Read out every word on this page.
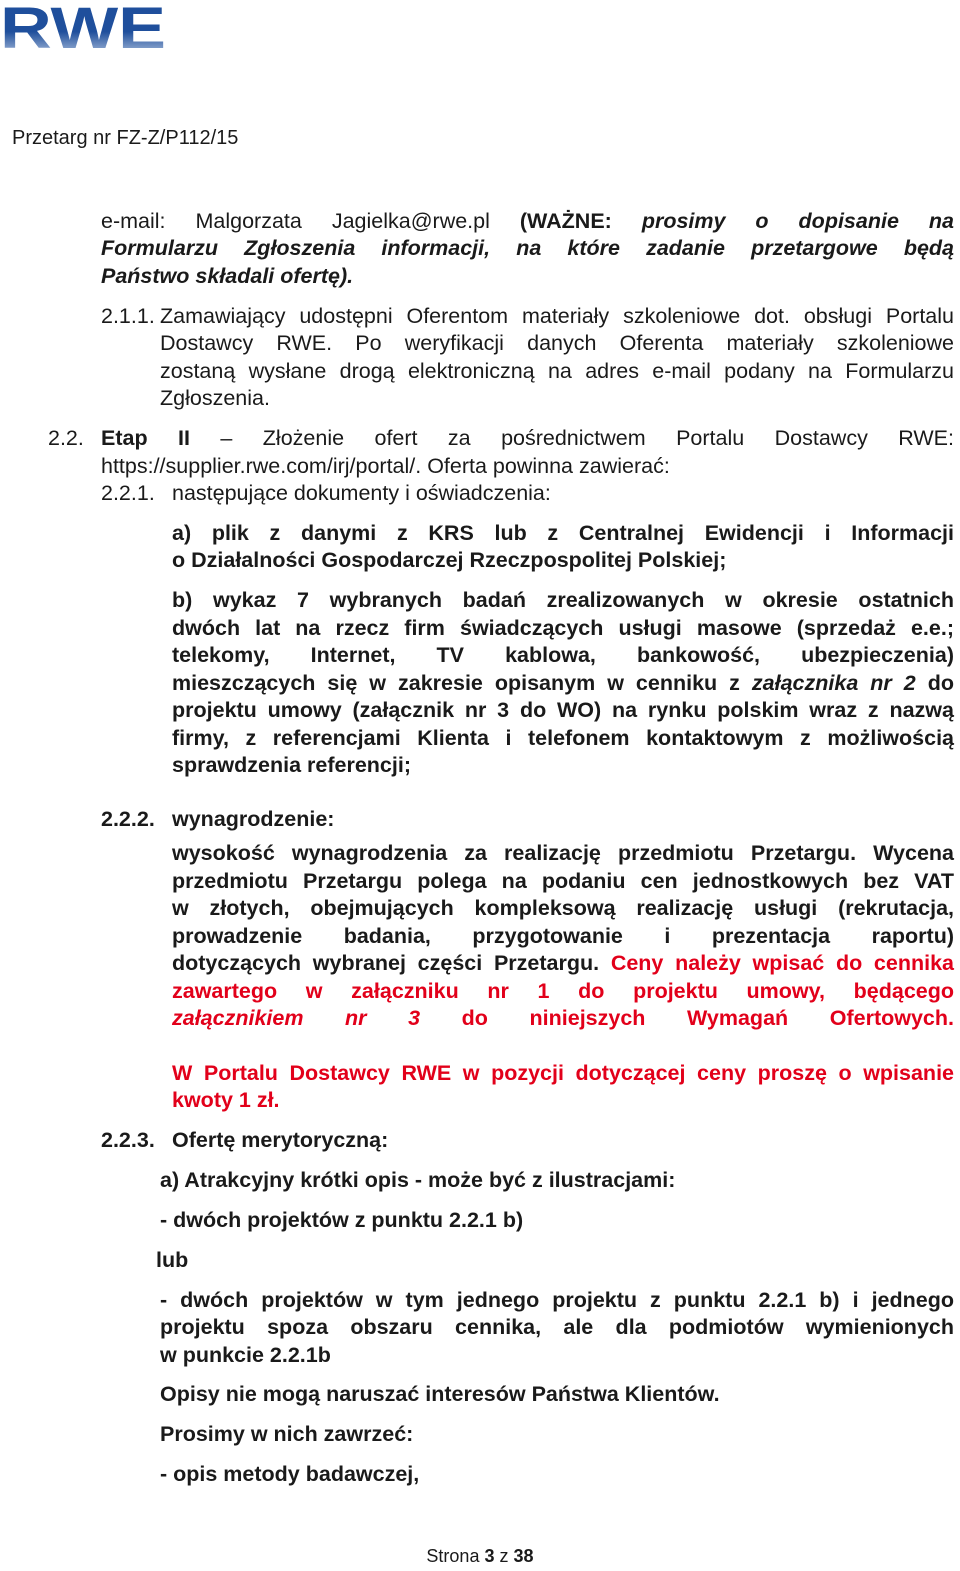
RWE
Przetarg nr FZ-Z/P112/15
e-mail: Malgorzata Jagielka@rwe.pl (WAŻNE: prosimy o dopisanie na
Formularzu Zgłoszenia informacji, na które zadanie przetargowe będą
Państwo składali ofertę).
2.1.1. Zamawiający udostępni Oferentom materiały szkoleniowe dot. obsługi Portalu
Dostawcy RWE. Po weryfikacji danych Oferenta materiały szkoleniowe
zostaną wysłane drogą elektroniczną na adres e-mail podany na Formularzu
Zgłoszenia.
2.2. Etap II – Złożenie ofert za pośrednictwem Portalu Dostawcy RWE:
https://supplier.rwe.com/irj/portal/. Oferta powinna zawierać:
2.2.1. następujące dokumenty i oświadczenia:
a) plik z danymi z KRS lub z Centralnej Ewidencji i Informacji
o Działalności Gospodarczej Rzeczpospolitej Polskiej;
b) wykaz 7 wybranych badań zrealizowanych w okresie ostatnich
dwóch lat na rzecz firm świadczących usługi masowe (sprzedaż e.e.;
telekomy, Internet, TV kablowa, bankowość, ubezpieczenia)
mieszczących się w zakresie opisanym w cenniku z załącznika nr 2 do
projektu umowy (załącznik nr 3 do WO) na rynku polskim wraz z nazwą
firmy, z referencjami Klienta i telefonem kontaktowym z możliwością
sprawdzenia referencji;
2.2.2. wynagrodzenie:
wysokość wynagrodzenia za realizację przedmiotu Przetargu. Wycena
przedmiotu Przetargu polega na podaniu cen jednostkowych bez VAT
w złotych, obejmujących kompleksową realizację usługi (rekrutacja,
prowadzenie badania, przygotowanie i prezentacja raportu)
dotyczących wybranej części Przetargu. Ceny należy wpisać do cennika
zawartego w załączniku nr 1 do projektu umowy, będącego
załącznikiem nr 3 do niniejszych Wymagań Ofertowych.
W Portalu Dostawcy RWE w pozycji dotyczącej ceny proszę o wpisanie
kwoty 1 zł.
2.2.3. Ofertę merytoryczną:
a) Atrakcyjny krótki opis - może być z ilustracjami:
- dwóch projektów z punktu 2.2.1 b)
lub
- dwóch projektów w tym jednego projektu z punktu 2.2.1 b) i jednego
projektu spoza obszaru cennika, ale dla podmiotów wymienionych
w punkcie 2.2.1b
Opisy nie mogą naruszać interesów Państwa Klientów.
Prosimy w nich zawrzeć:
- opis metody badawczej,
Strona 3 z 38
